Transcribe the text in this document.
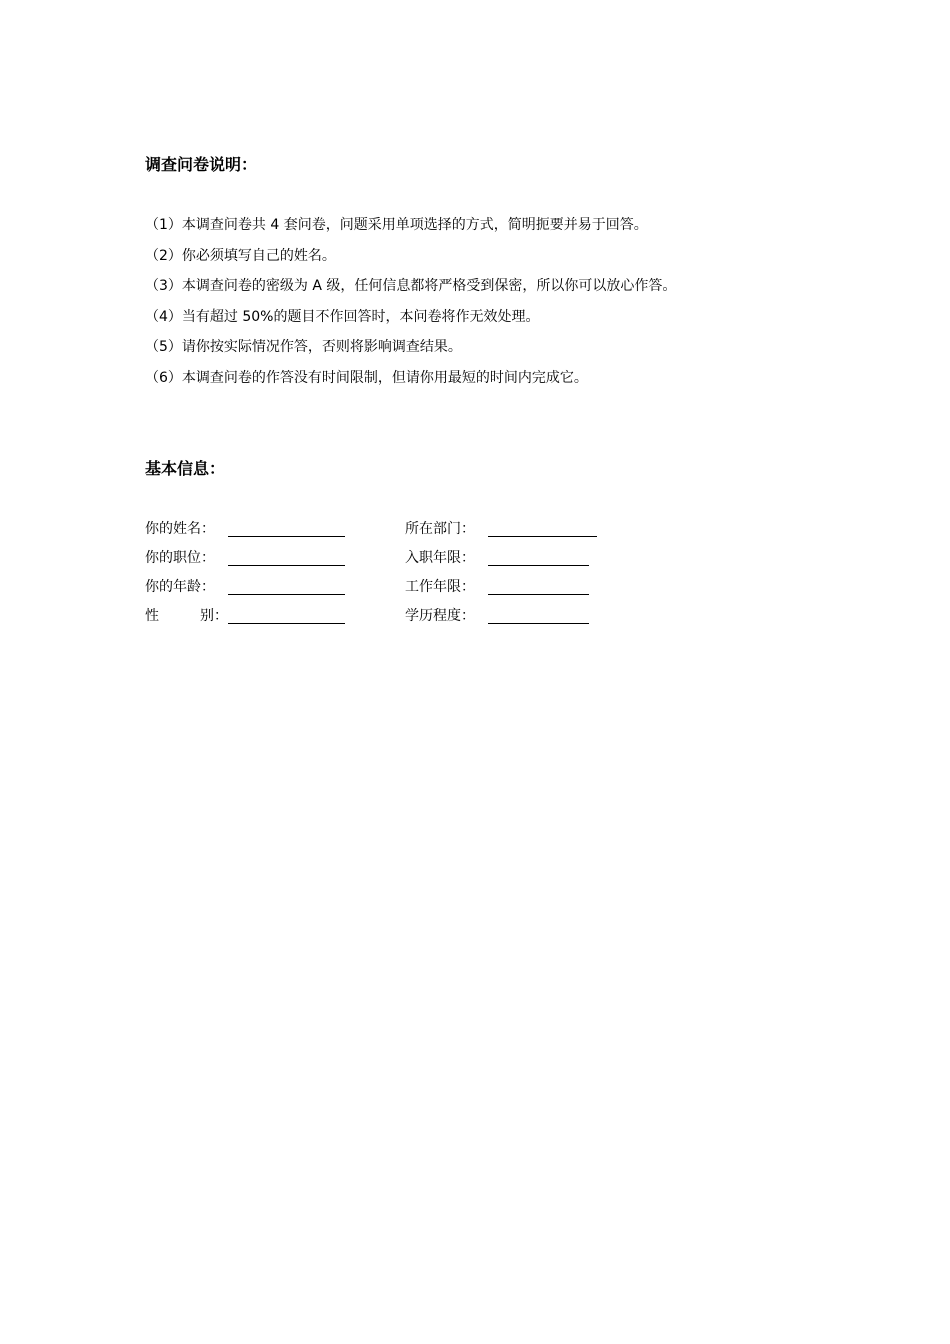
调查问卷说明：
（1）本调查问卷共 4 套问卷，问题采用单项选择的方式，简明扼要并易于回答。
（2）你必须填写自己的姓名。
（3）本调查问卷的密级为 A 级，任何信息都将严格受到保密，所以你可以放心作答。
（4）当有超过 50%的题目不作回答时，本问卷将作无效处理。
（5）请你按实际情况作答，否则将影响调查结果。
（6）本调查问卷的作答没有时间限制，但请你用最短的时间内完成它。
基本信息：
你的姓名：	所在部门：
你的职位：	入职年限：
你的年龄：	工作年限：
性	别：	学历程度：
